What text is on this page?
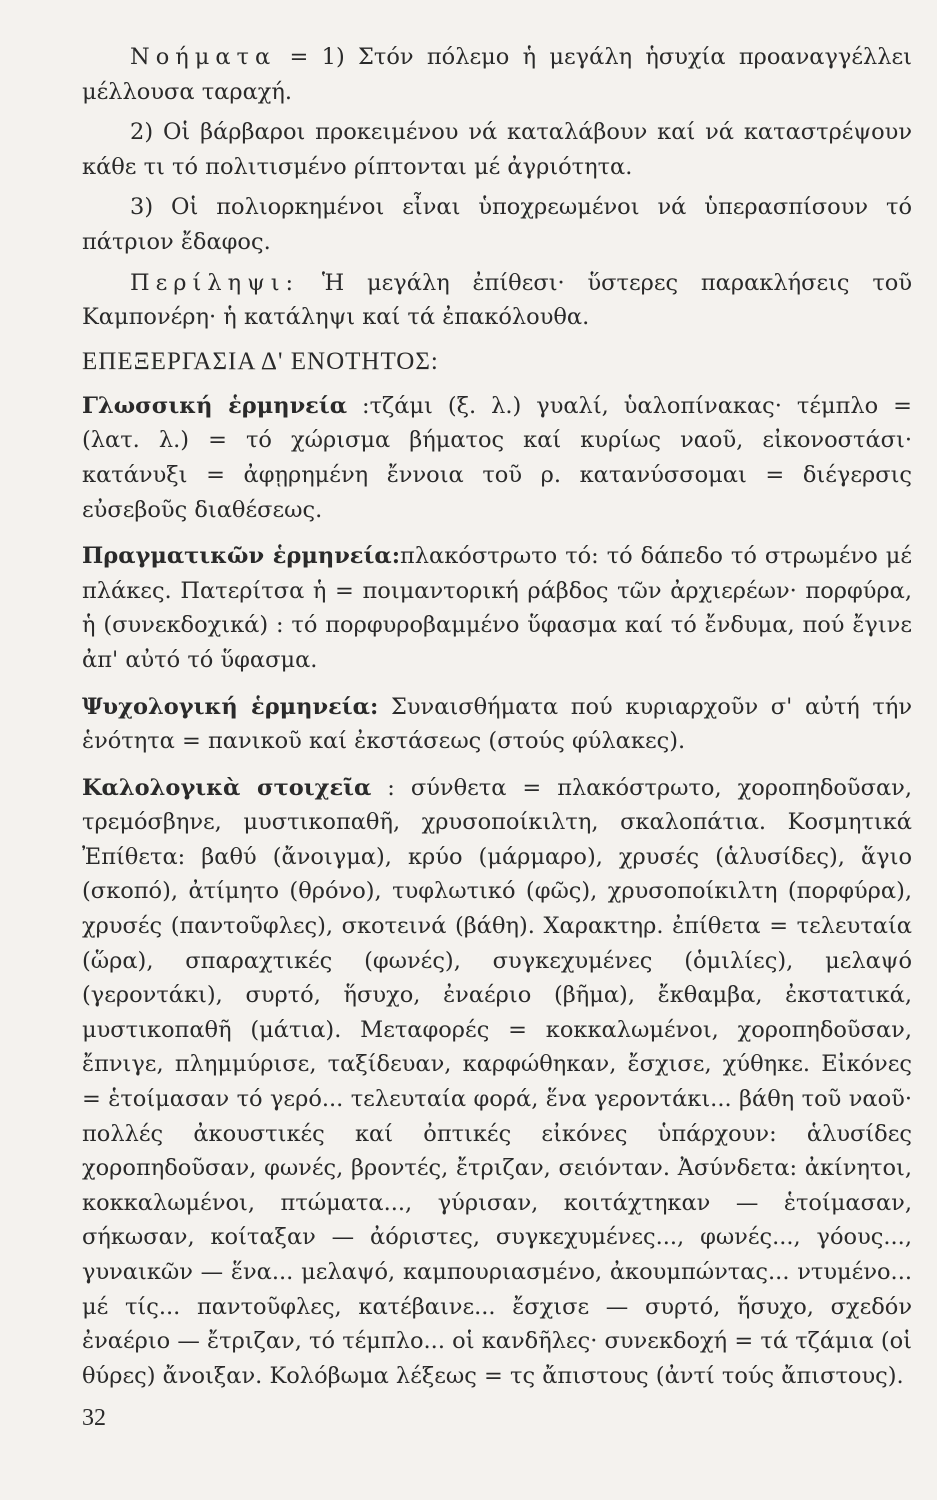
Νοήματα = 1) Στόν πόλεμο ἡ μεγάλη ἡσυχία προαναγγέλλει μέλλουσα ταραχή.

2) Οἱ βάρβαροι προκειμένου νά καταλάβουν καί νά καταστρέψουν κάθε τι τό πολιτισμένο ρίπτονται μέ ἀγριότητα.

3) Οἱ πολιορκημένοι εἶναι ὑποχρεωμένοι νά ὑπερασπίσουν τό πάτριον ἔδαφος.

Περίληψι: Ἡ μεγάλη ἐπίθεσι· ὕστερες παρακλήσεις τοῦ Καμπονέρη· ἡ κατάληψι καί τά ἐπακόλουθα.

ΕΠΕΞΕΡΓΑΣΙΑ Δ' ΕΝΟΤΗΤΟΣ:

Γλωσσική ἑρμηνεία :τζάμι (ξ. λ.) γυαλί, ὑαλοπίνακας· τέμπλο = (λατ. λ.) = τό χώρισμα βήματος καί κυρίως ναοῦ, εἰκονοστάσι· κατάνυξι = ἀφῃρημένη ἔννοια τοῦ ρ. κατανύσσομαι = διέγερσις εὐσεβοῦς διαθέσεως.

Πραγματικῶν ἑρμηνεία:πλακόστρωτο τό: τό δάπεδο τό στρωμένο μέ πλάκες. Πατερίτσα ἡ = ποιμαντορική ράβδος τῶν ἀρχιερέων· πορφύρα, ἡ (συνεκδοχικά) : τό πορφυροβαμμένο ὕφασμα καί τό ἔνδυμα, πού ἔγινε ἀπ' αὐτό τό ὕφασμα.

Ψυχολογική ἑρμηνεία: Συναισθήματα πού κυριαρχοῦν σ' αὐτή τήν ἑνότητα = πανικοῦ καί ἐκστάσεως (στούς φύλακες).

Καλολογικὰ στοιχεῖα : σύνθετα = πλακόστρωτο, χοροπηδοῦσαν, τρεμόσβηνε, μυστικοπαθῆ, χρυσοποίκιλτη, σκαλοπάτια. Κοσμητικά Ἐπίθετα: βαθύ (ἄνοιγμα), κρύο (μάρμαρο), χρυσές (ἁλυσίδες), ἅγιο (σκοπό), ἀτίμητο (θρόνο), τυφλωτικό (φῶς), χρυσοποίκιλτη (πορφύρα), χρυσές (παντοῦφλες), σκοτεινά (βάθη). Χαρακτηρ. ἐπίθετα = τελευταία (ὥρα), σπαραχτικές (φωνές), συγκεχυμένες (ὁμιλίες), μελαψό (γεροντάκι), συρτό, ἥσυχο, ἐναέριο (βῆμα), ἔκθαμβα, ἐκστατικά, μυστικοπαθῆ (μάτια). Μεταφορές = κοκκαλωμένοι, χοροπηδοῦσαν, ἔπνιγε, πλημμύρισε, ταξίδευαν, καρφώθηκαν, ἔσχισε, χύθηκε. Εἰκόνες = ἑτοίμασαν τό γερό... τελευταία φορά, ἕνα γεροντάκι... βάθη τοῦ ναοῦ· πολλές ἀκουστικές καί ὀπτικές εἰκόνες ὑπάρχουν: ἁλυσίδες χοροπηδοῦσαν, φωνές, βροντές, ἔτριζαν, σειόνταν. Ἀσύνδετα: ἀκίνητοι, κοκκαλωμένοι, πτώματα..., γύρισαν, κοιτάχτηκαν — ἑτοίμασαν, σήκωσαν, κοίταξαν — ἀόριστες, συγκεχυμένες..., φωνές..., γόους..., γυναικῶν — ἕνα... μελαψό, καμπουριασμένο, ἀκουμπώντας... ντυμένο... μέ τίς... παντοῦφλες, κατέβαινε... ἔσχισε — συρτό, ἥσυχο, σχεδόν ἐναέριο — ἔτριζαν, τό τέμπλο... οἱ κανδῆλες· συνεκδοχή = τά τζάμια (οἱ θύρες) ἄνοιξαν. Κολόβωμα λέξεως = τς ἄπιστους (ἀντί τούς ἄπιστους).

32
